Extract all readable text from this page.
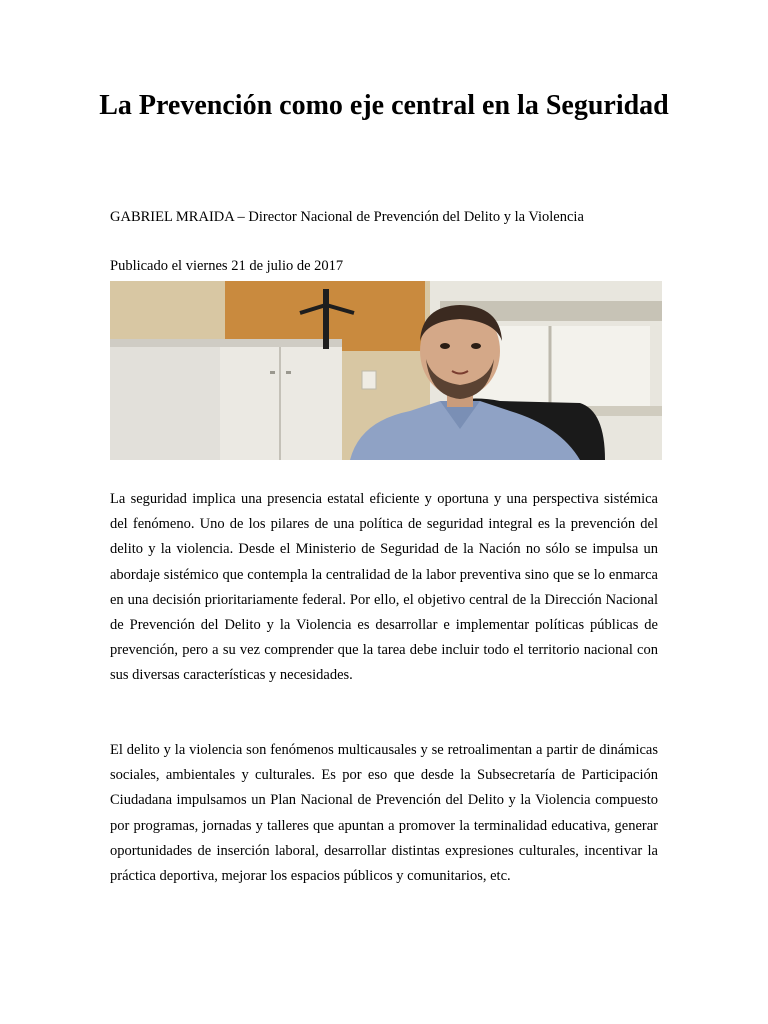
La Prevención como eje central en la Seguridad
GABRIEL MRAIDA – Director Nacional de Prevención del Delito y la Violencia
Publicado el viernes 21 de julio de 2017

La seguridad implica una presencia estatal eficiente y oportuna y una perspectiva sistémica del fenómeno. Uno de los pilares de una política de seguridad integral es la prevención del delito y la violencia. Desde el Ministerio de Seguridad de la Nación no sólo se impulsa un abordaje sistémico que contempla la centralidad de la labor preventiva sino que se lo enmarca en una decisión prioritariamente federal. Por ello, el objetivo central de la Dirección Nacional de Prevención del Delito y la Violencia es desarrollar e implementar políticas públicas de prevención, pero a su vez comprender que la tarea debe incluir todo el territorio nacional con sus diversas características y necesidades.

El delito y la violencia son fenómenos multicausales y se retroalimentan a partir de dinámicas sociales, ambientales y culturales. Es por eso que desde la Subsecretaría de Participación Ciudadana impulsamos un Plan Nacional de Prevención del Delito y la Violencia compuesto por programas, jornadas y talleres que apuntan a promover la terminalidad educativa, generar oportunidades de inserción laboral, desarrollar distintas expresiones culturales, incentivar la práctica deportiva, mejorar los espacios públicos y comunitarios, etc.
